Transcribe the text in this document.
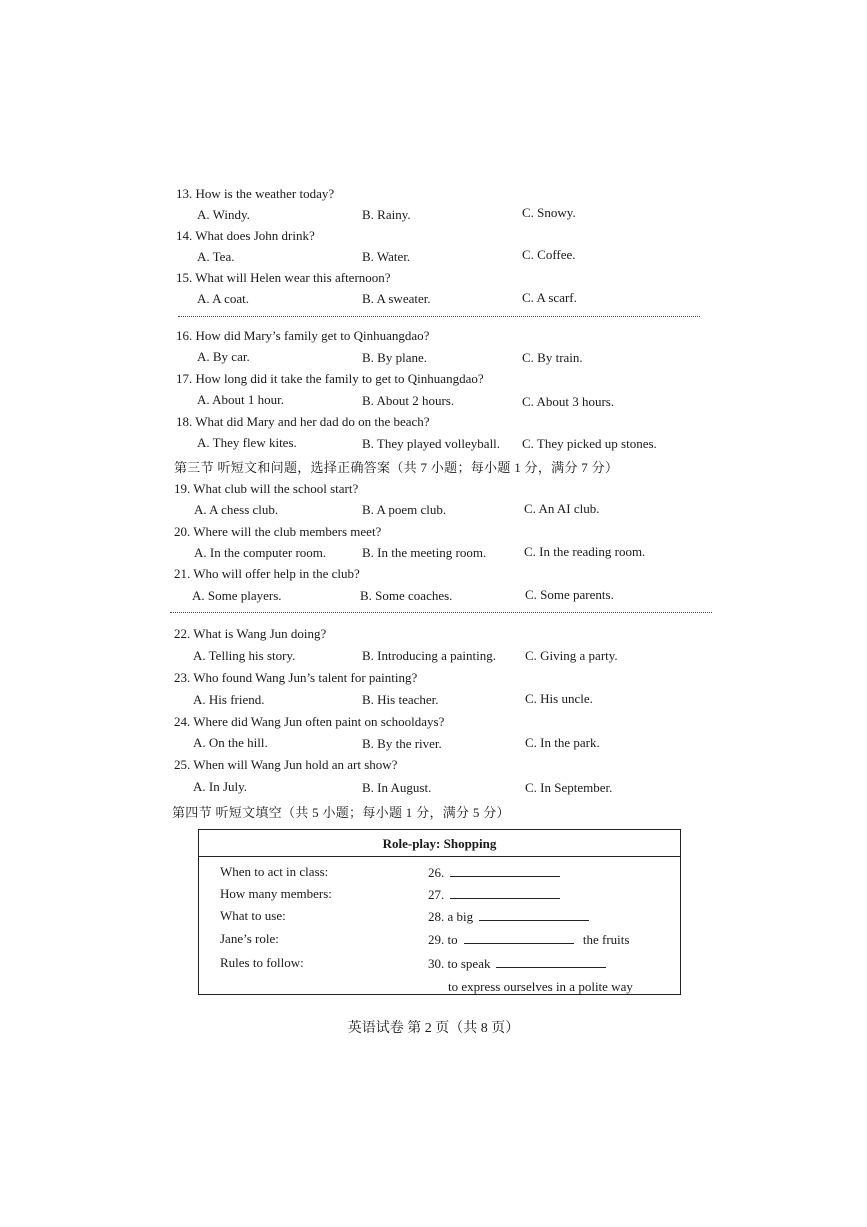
13. How is the weather today?
A. Windy.	B. Rainy.	C. Snowy.
14. What does John drink?
A. Tea.	B. Water.	C. Coffee.
15. What will Helen wear this afternoon?
A. A coat.	B. A sweater.	C. A scarf.
16. How did Mary’s family get to Qinhuangdao?
A. By car.	B. By plane.	C. By train.
17. How long did it take the family to get to Qinhuangdao?
A. About 1 hour.	B. About 2 hours.	C. About 3 hours.
18. What did Mary and her dad do on the beach?
A. They flew kites.	B. They played volleyball. C. They picked up stones.
第三节 听短文和问题，选择正确答案（共 7 小题；每小题 1 分，满分 7 分）
19. What club will the school start?
A. A chess club.	B. A poem club.	C. An AI club.
20. Where will the club members meet?
A. In the computer room.	B. In the meeting room.	C. In the reading room.
21. Who will offer help in the club?
A. Some players.	B. Some coaches.	C. Some parents.
22. What is Wang Jun doing?
A. Telling his story.	B. Introducing a painting. C. Giving a party.
23. Who found Wang Jun’s talent for painting?
A. His friend.	B. His teacher.	C. His uncle.
24. Where did Wang Jun often paint on schooldays?
A. On the hill.	B. By the river.	C. In the park.
25. When will Wang Jun hold an art show?
A. In July.	B. In August.	C. In September.
第四节 听短文填空（共 5 小题；每小题 1 分，满分 5 分）
Role-play: Shopping
When to act in class:	26.
How many members:	27.
What to use:	28. a big
Jane’s role:	29. to	the fruits
Rules to follow:	30. to speak
to express ourselves in a polite way
英语试卷 第 2 页（共 8 页）
